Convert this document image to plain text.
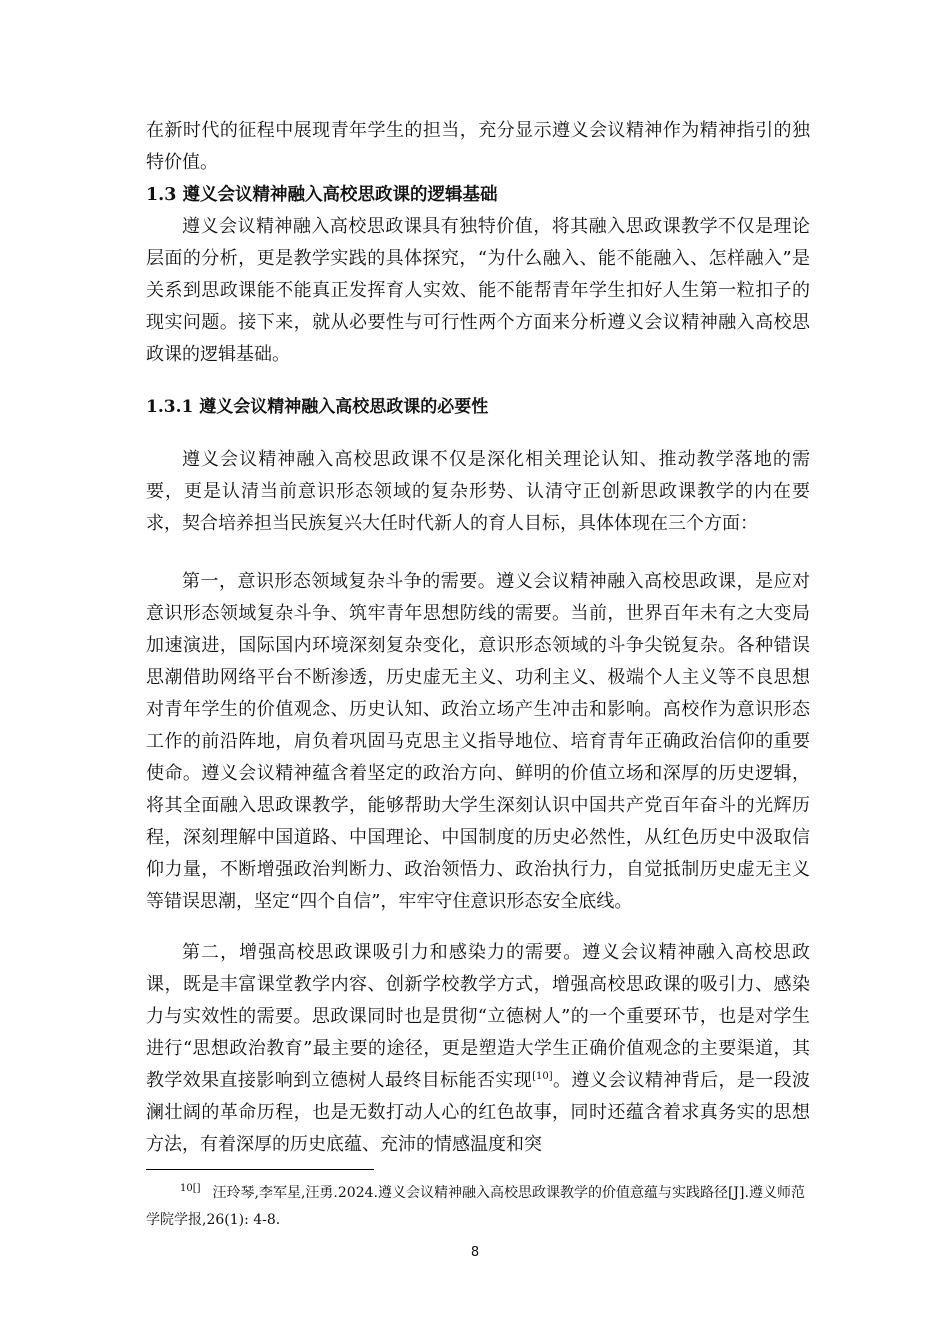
在新时代的征程中展现青年学生的担当，充分显示遵义会议精神作为精神指引的独特价值。

1.3 遵义会议精神融入高校思政课的逻辑基础

遵义会议精神融入高校思政课具有独特价值，将其融入思政课教学不仅是理论层面的分析，更是教学实践的具体探究，“为什么融入、能不能融入、怎样融入”是关系到思政课能不能真正发挥育人实效、能不能帮青年学生扣好人生第一粒扣子的现实问题。接下来，就从必要性与可行性两个方面来分析遵义会议精神融入高校思政课的逻辑基础。

1.3.1 遵义会议精神融入高校思政课的必要性

遵义会议精神融入高校思政课不仅是深化相关理论认知、推动教学落地的需要，更是认清当前意识形态领域的复杂形势、认清守正创新思政课教学的内在要求，契合培养担当民族复兴大任时代新人的育人目标，具体体现在三个方面：

第一，意识形态领域复杂斗争的需要。遵义会议精神融入高校思政课，是应对意识形态领域复杂斗争、筑牢青年思想防线的需要。当前，世界百年未有之大变局加速演进，国际国内环境深刻复杂变化，意识形态领域的斗争尖锐复杂。各种错误思潮借助网络平台不断渗透，历史虚无主义、功利主义、极端个人主义等不良思想对青年学生的价值观念、历史认知、政治立场产生冲击和影响。高校作为意识形态工作的前沿阵地，肩负着巩固马克思主义指导地位、培育青年正确政治信仰的重要使命。遵义会议精神蕴含着坚定的政治方向、鲜明的价值立场和深厚的历史逻辑，将其全面融入思政课教学，能够帮助大学生深刻认识中国共产党百年奋斗的光辉历程，深刻理解中国道路、中国理论、中国制度的历史必然性，从红色历史中汲取信仰力量，不断增强政治判断力、政治领悟力、政治执行力，自觉抵制历史虚无主义等错误思潮，坚定“四个自信”，牢牢守住意识形态安全底线。

第二，增强高校思政课吸引力和感染力的需要。遵义会议精神融入高校思政课，既是丰富课堂教学内容、创新学校教学方式，增强高校思政课的吸引力、感染力与实效性的需要。思政课同时也是贯彻“立德树人”的一个重要环节，也是对学生进行“思想政治教育”最主要的途径，更是塑造大学生正确价值观念的主要渠道，其教学效果直接影响到立德树人最终目标能否实现[10]。遵义会议精神背后，是一段波澜壮阔的革命历程，也是无数打动人心的红色故事，同时还蕴含着求真务实的思想方法，有着深厚的历史底蕴、充沛的情感温度和突

10[] 汪玲琴,李军星,汪勇.2024.遵义会议精神融入高校思政课教学的价值意蕴与实践路径[J].遵义师范学院学报,26(1): 4-8.

8
